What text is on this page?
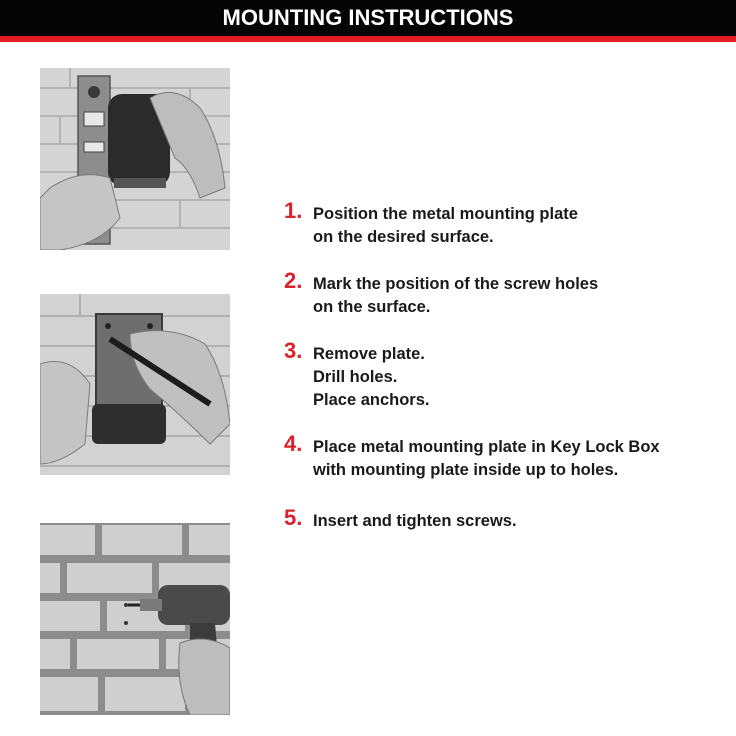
MOUNTING INSTRUCTIONS
1. Position the metal mounting plate
on the desired surface.
2. Mark the position of the screw holes
on the surface.
3. Remove plate.
Drill holes.
Place anchors.
4. Place metal mounting plate in Key Lock Box
with mounting plate inside up to holes.
5. Insert and tighten screws.
